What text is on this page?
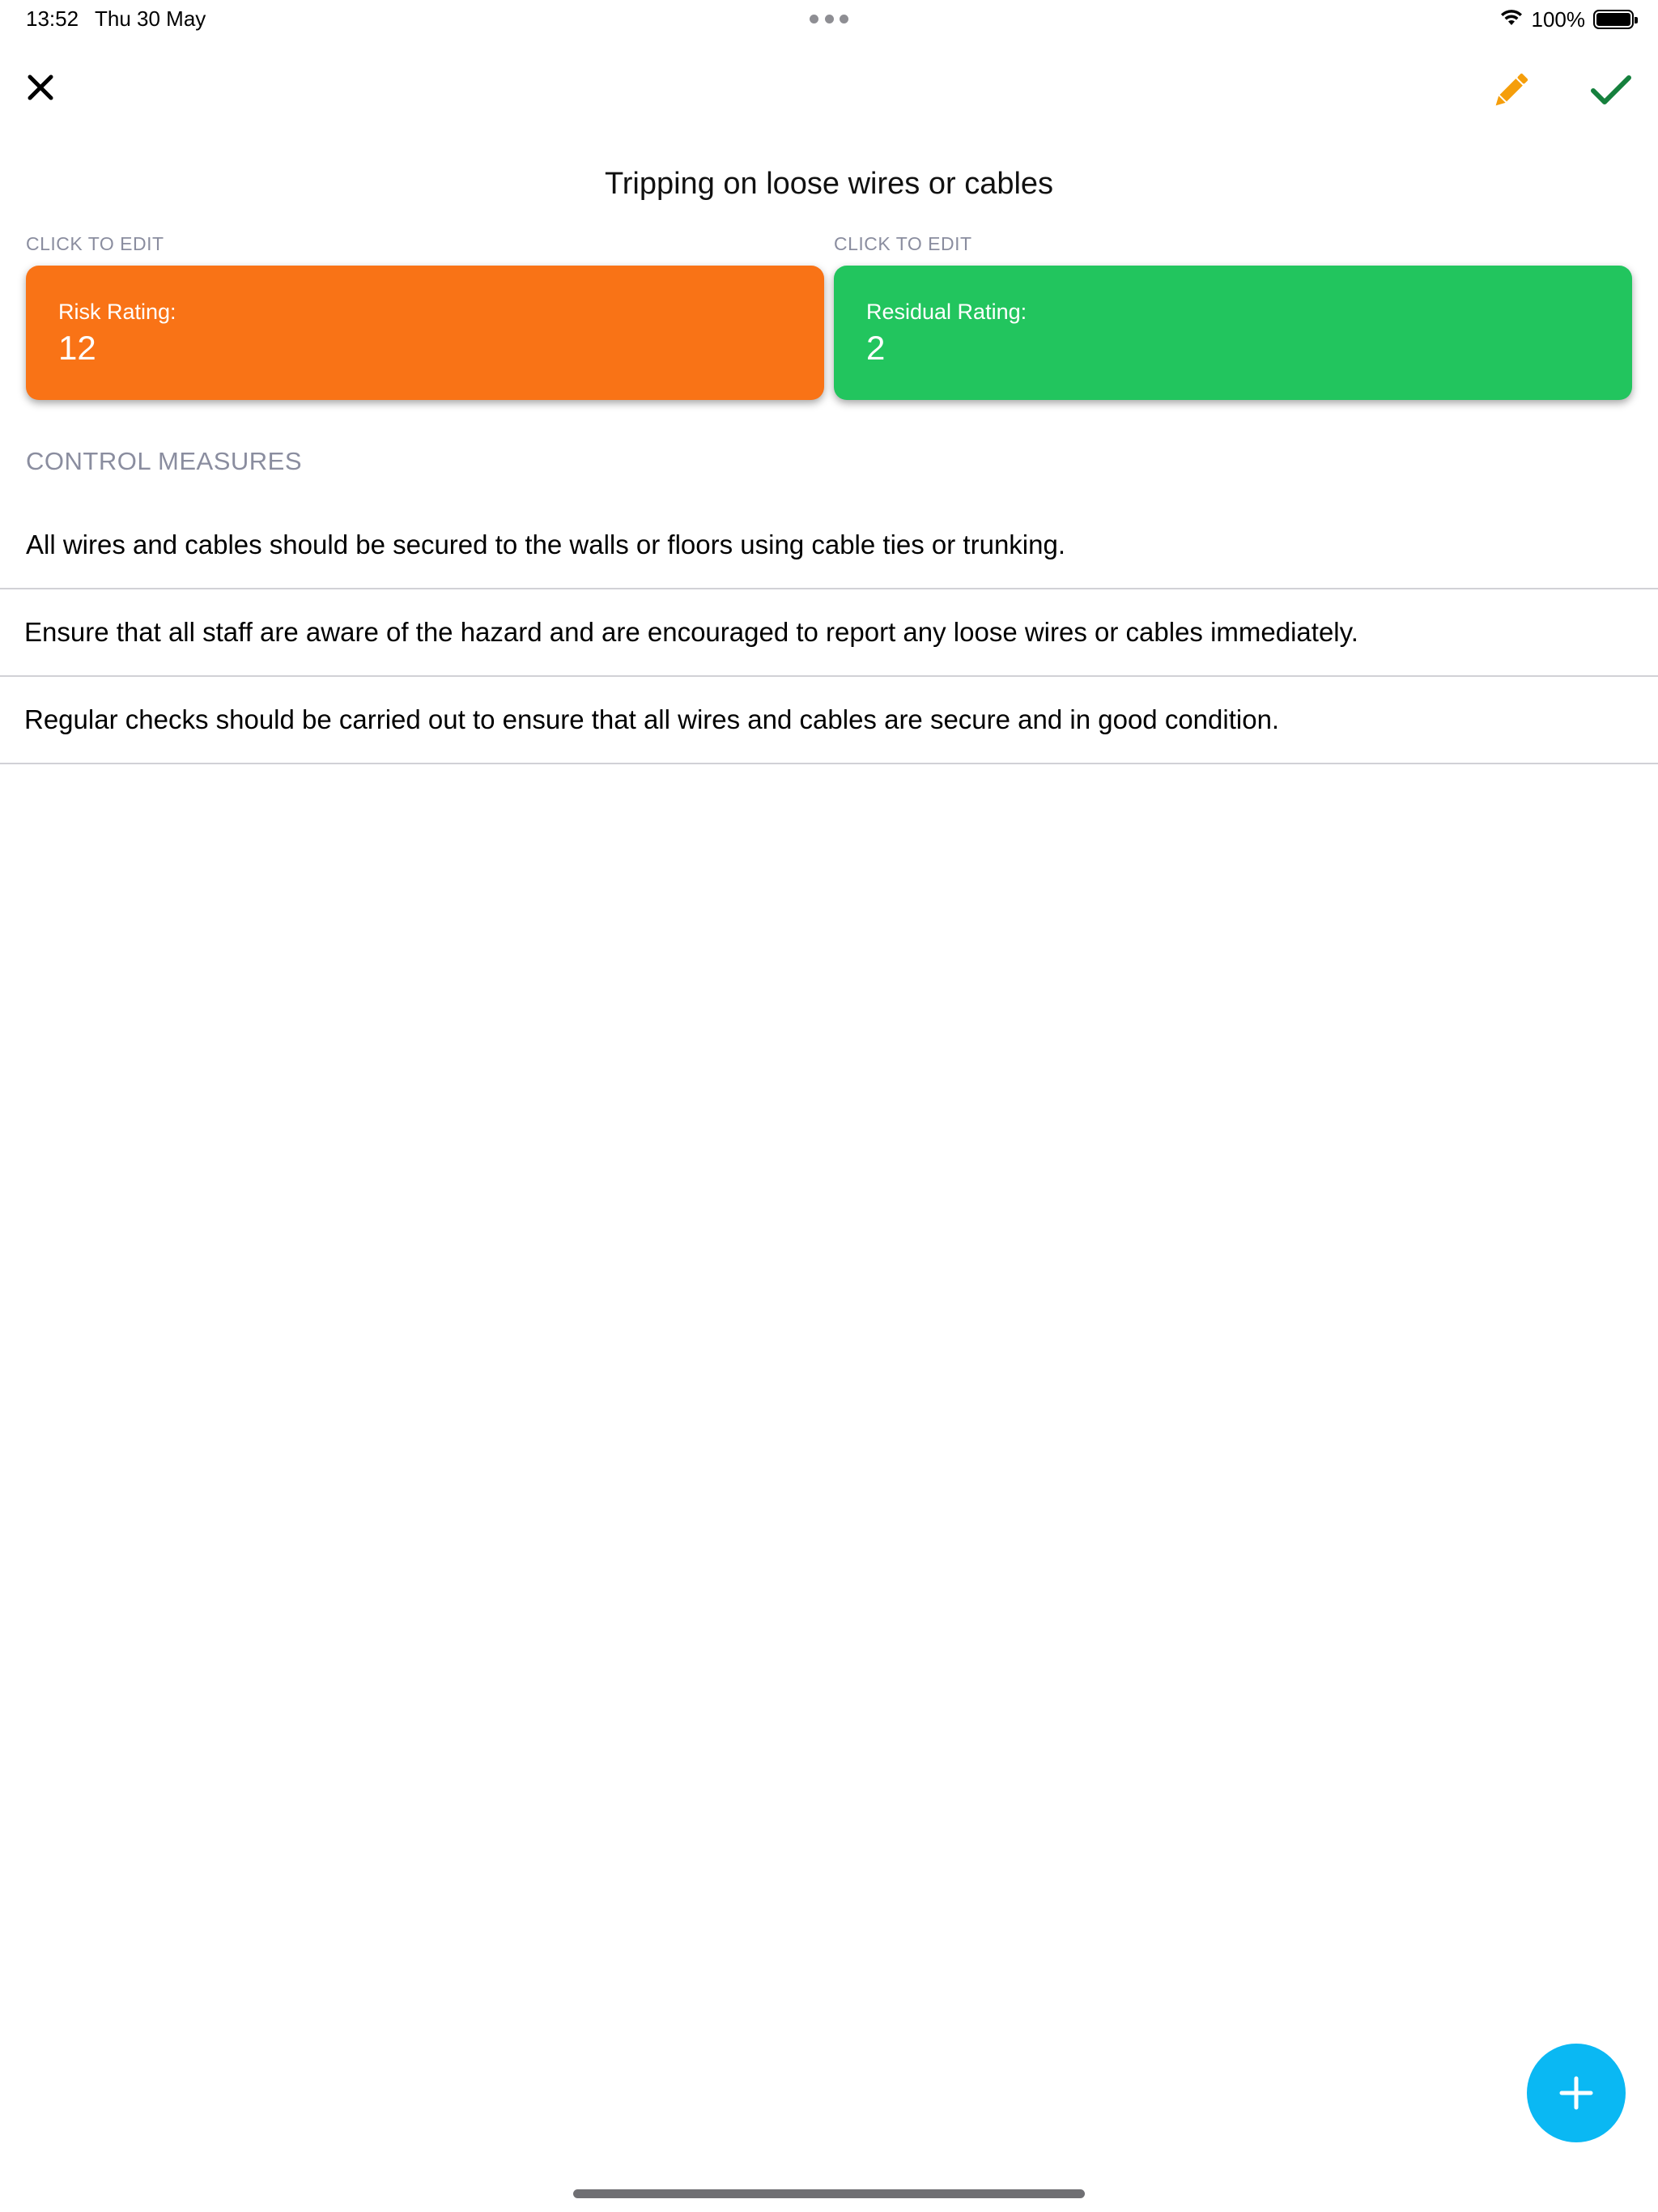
13:52 Thu 30 May	100%
Tripping on loose wires or cables
CLICK TO EDIT	CLICK TO EDIT
Risk Rating:
12
Residual Rating:
2
CONTROL MEASURES
All wires and cables should be secured to the walls or floors using cable ties or trunking.
Ensure that all staff are aware of the hazard and are encouraged to report any loose wires or cables immediately.
Regular checks should be carried out to ensure that all wires and cables are secure and in good condition.
